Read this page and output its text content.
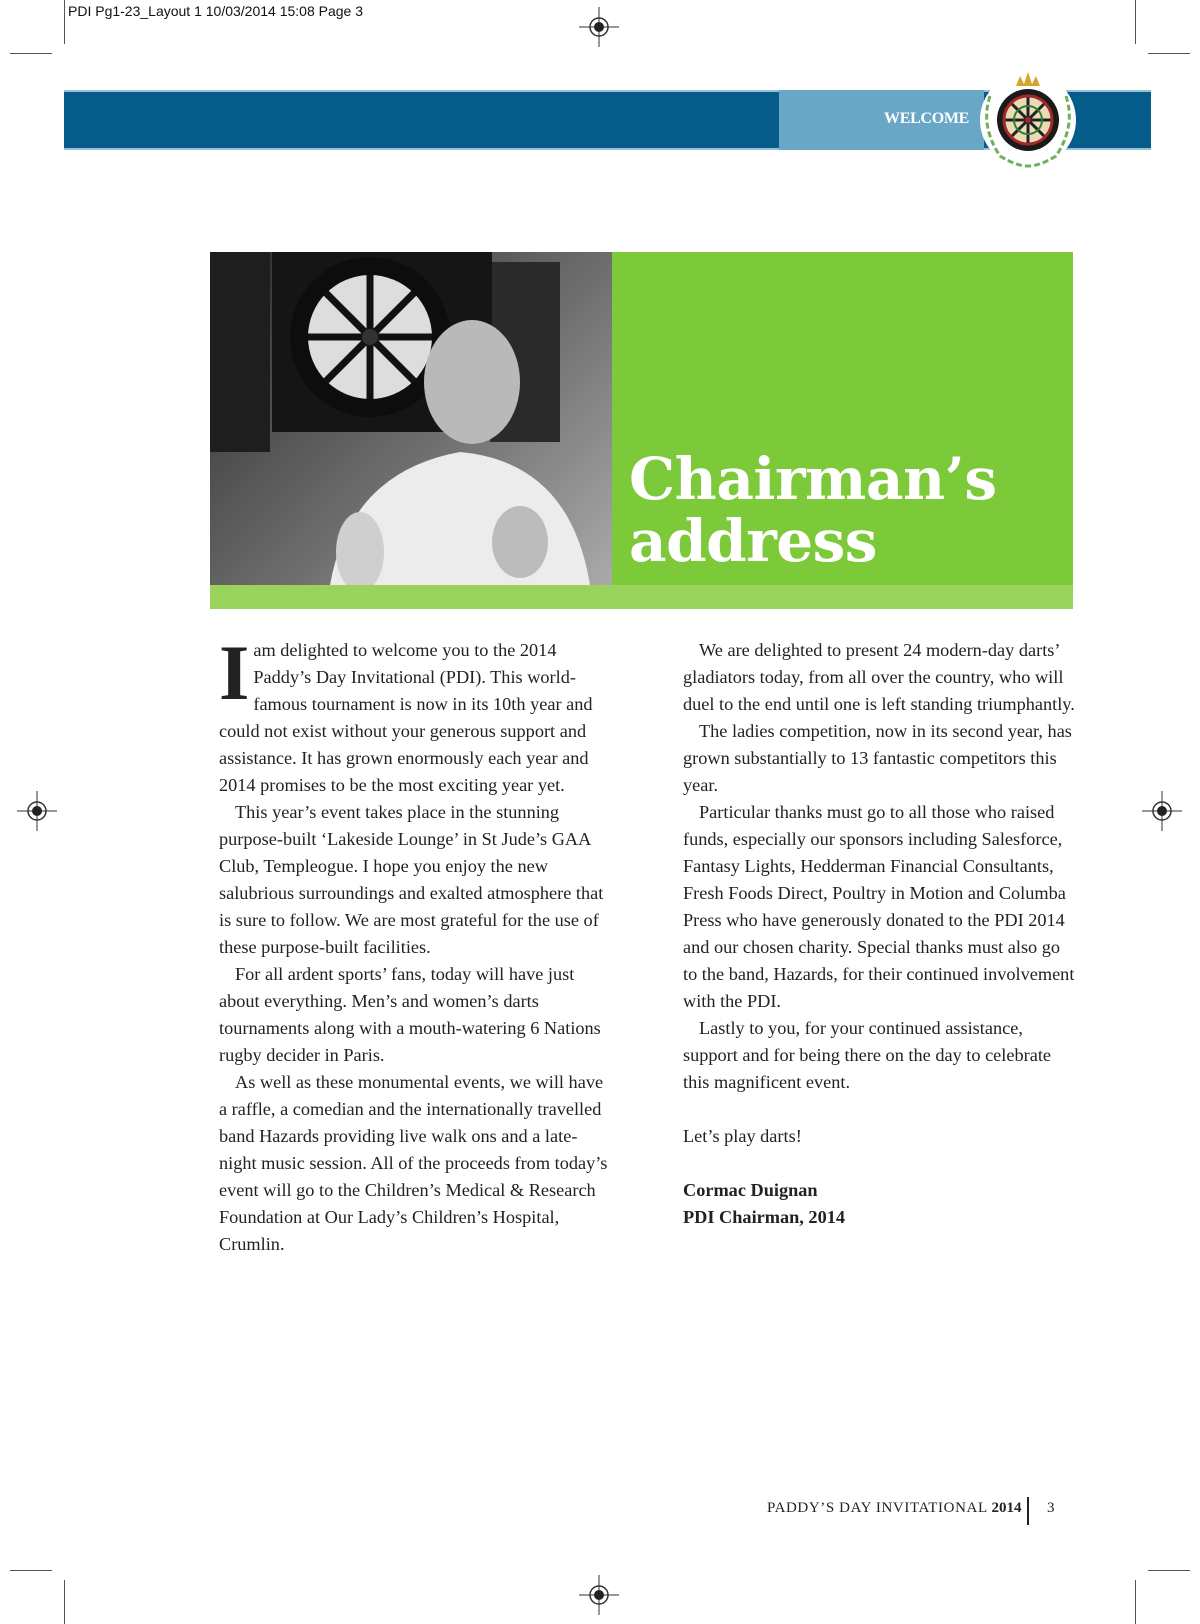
PDI Pg1-23_Layout 1 10/03/2014 15:08 Page 3
WELCOME
Chairman’s
address

Iam delighted to welcome you to the 2014 Paddy’s Day Invitational (PDI). This world-famous tournament is now in its 10th year and could not exist without your generous support and assistance. It has grown enormously each year and 2014 promises to be the most exciting year yet.

This year’s event takes place in the stunning purpose-built ‘Lakeside Lounge’ in St Jude’s GAA Club, Templeogue. I hope you enjoy the new salubrious surroundings and exalted atmosphere that is sure to follow. We are most grateful for the use of these purpose-built facilities.

For all ardent sports’ fans, today will have just about everything. Men’s and women’s darts tournaments along with a mouth-watering 6 Nations rugby decider in Paris.

As well as these monumental events, we will have a raffle, a comedian and the internationally travelled band Hazards providing live walk ons and a late-night music session. All of the proceeds from today’s event will go to the Children’s Medical & Research Foundation at Our Lady’s Children’s Hospital, Crumlin.

We are delighted to present 24 modern-day darts’ gladiators today, from all over the country, who will duel to the end until one is left standing triumphantly.

The ladies competition, now in its second year, has grown substantially to 13 fantastic competitors this year.

Particular thanks must go to all those who raised funds, especially our sponsors including Salesforce, Fantasy Lights, Hedderman Financial Consultants, Fresh Foods Direct, Poultry in Motion and Columba Press who have generously donated to the PDI 2014 and our chosen charity. Special thanks must also go to the band, Hazards, for their continued involvement with the PDI.

Lastly to you, for your continued assistance, support and for being there on the day to celebrate this magnificent event.

Let’s play darts!

Cormac Duignan

PDI Chairman, 2014

PADDY’S DAY INVITATIONAL 2014 3
